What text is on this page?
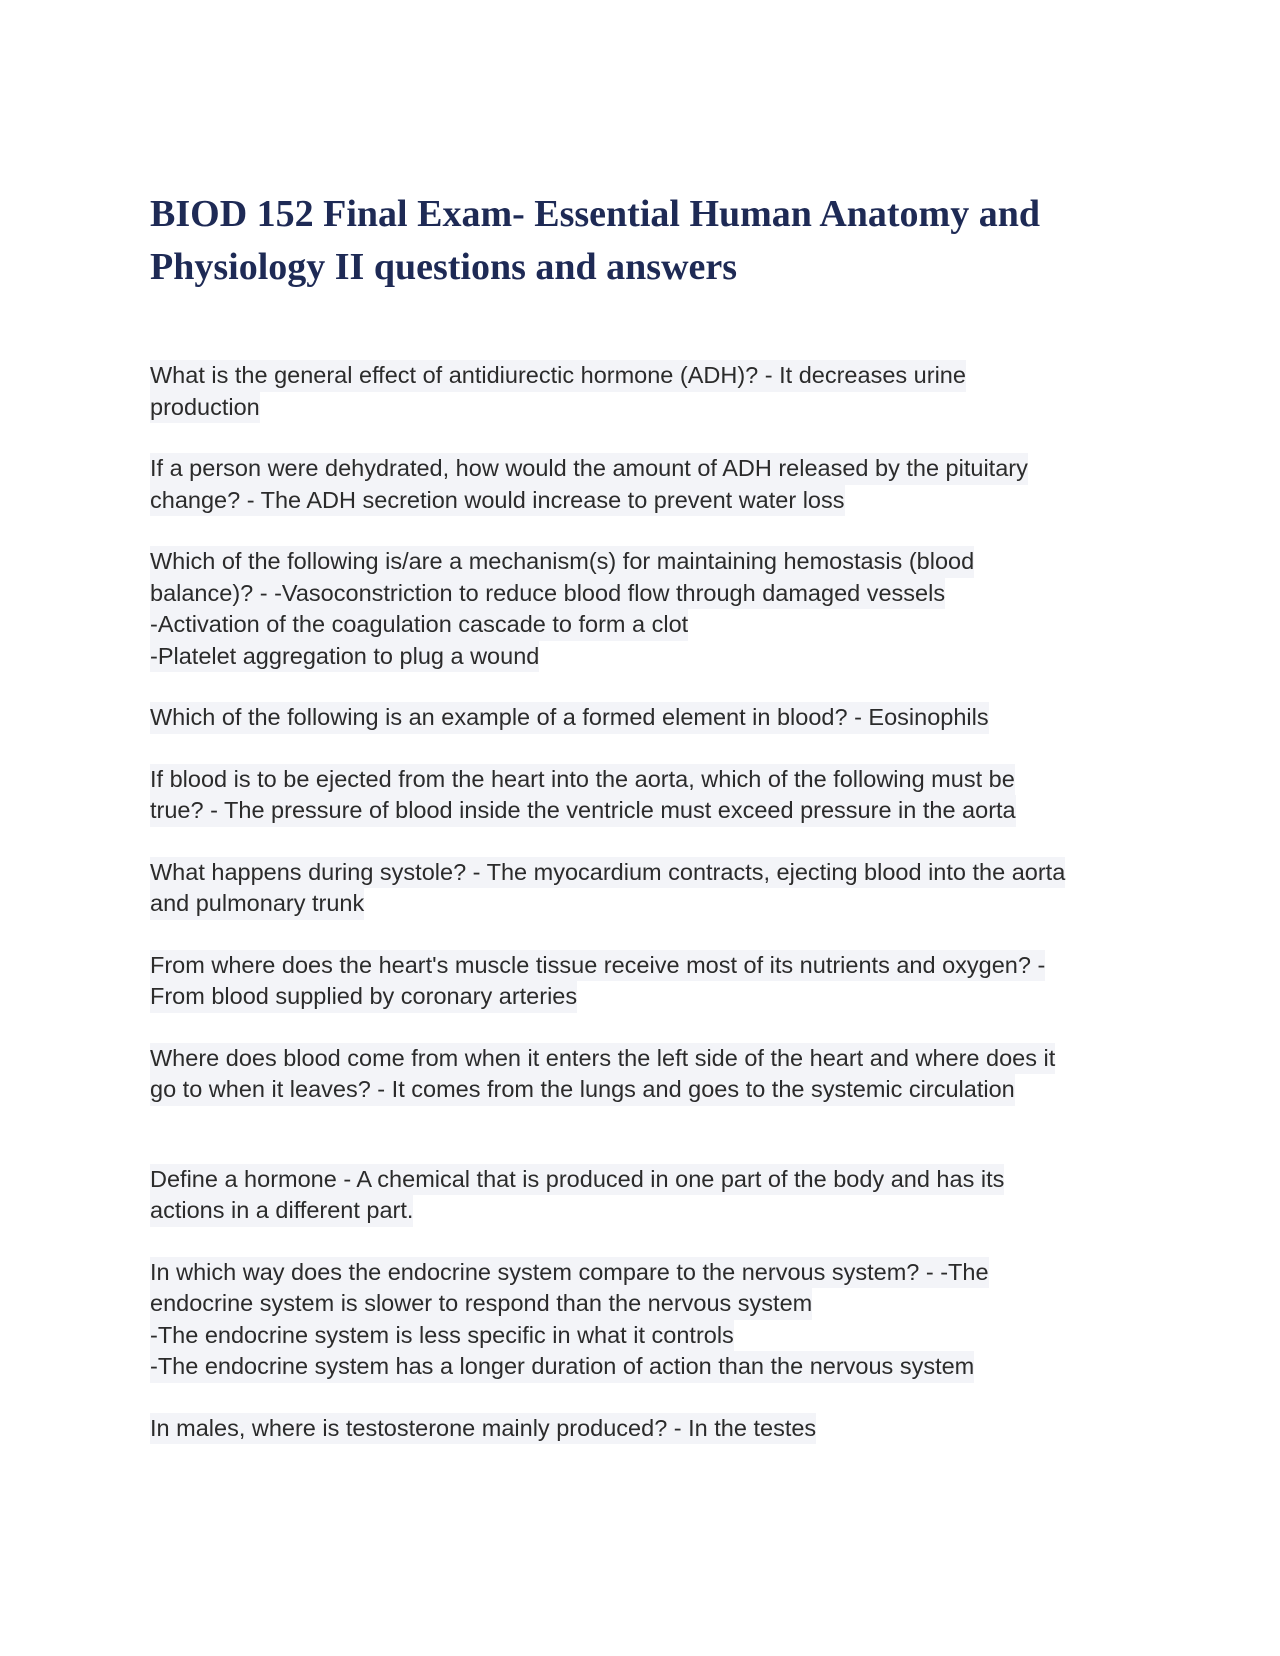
BIOD 152 Final Exam- Essential Human Anatomy and
Physiology II questions and answers

What is the general effect of antidiurectic hormone (ADH)? - It decreases urine
production

If a person were dehydrated, how would the amount of ADH released by the pituitary
change? - The ADH secretion would increase to prevent water loss

Which of the following is/are a mechanism(s) for maintaining hemostasis (blood
balance)? - -Vasoconstriction to reduce blood flow through damaged vessels
-Activation of the coagulation cascade to form a clot
-Platelet aggregation to plug a wound

Which of the following is an example of a formed element in blood? - Eosinophils

If blood is to be ejected from the heart into the aorta, which of the following must be
true? - The pressure of blood inside the ventricle must exceed pressure in the aorta

What happens during systole? - The myocardium contracts, ejecting blood into the aorta
and pulmonary trunk

From where does the heart's muscle tissue receive most of its nutrients and oxygen? -
From blood supplied by coronary arteries

Where does blood come from when it enters the left side of the heart and where does it
go to when it leaves? - It comes from the lungs and goes to the systemic circulation

Define a hormone - A chemical that is produced in one part of the body and has its
actions in a different part.

In which way does the endocrine system compare to the nervous system? - -The
endocrine system is slower to respond than the nervous system
-The endocrine system is less specific in what it controls
-The endocrine system has a longer duration of action than the nervous system

In males, where is testosterone mainly produced? - In the testes
